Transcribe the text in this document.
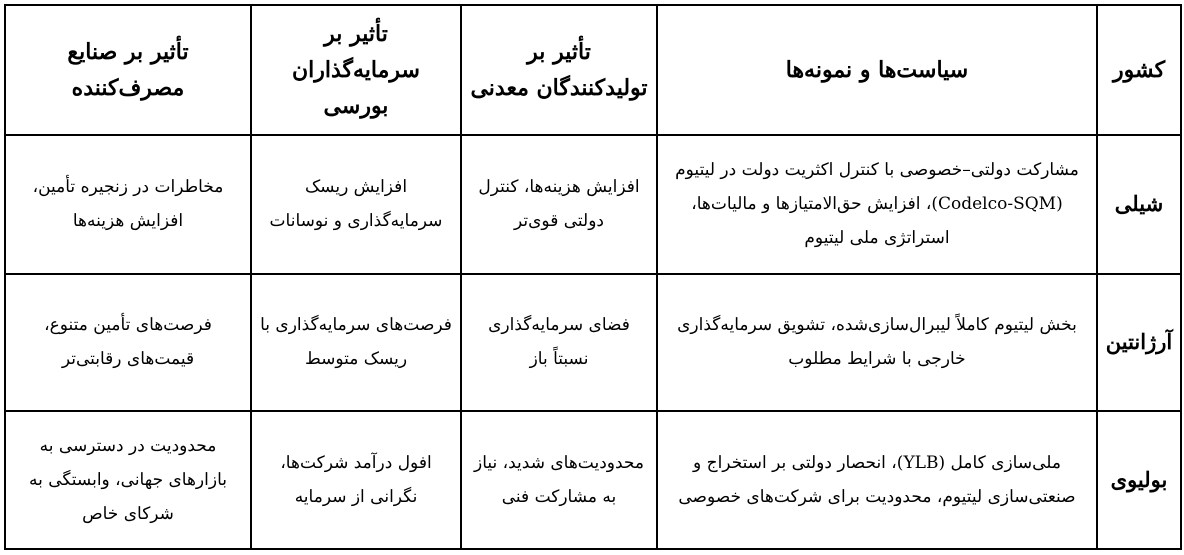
کشور	سیاست‌ها و نمونه‌ها	تأثیر بر تولیدکنندگان معدنی	تأثیر بر سرمایه‌گذاران بورسی	تأثیر بر صنایع مصرف‌کننده
شیلی	مشارکت دولتی–خصوصی با کنترل اکثریت دولت در لیتیوم (Codelco-SQM)، افزایش حق‌الامتیازها و مالیات‌ها، استراتژی ملی لیتیوم	افزایش هزینه‌ها، کنترل دولتی قوی‌تر	افزایش ریسک سرمایه‌گذاری و نوسانات	مخاطرات در زنجیره تأمین، افزایش هزینه‌ها
آرژانتین	بخش لیتیوم کاملاً لیبرال‌سازی‌شده، تشویق سرمایه‌گذاری خارجی با شرایط مطلوب	فضای سرمایه‌گذاری نسبتاً باز	فرصت‌های سرمایه‌گذاری با ریسک متوسط	فرصت‌های تأمین متنوع، قیمت‌های رقابتی‌تر
بولیوی	ملی‌سازی کامل (YLB)، انحصار دولتی بر استخراج و صنعتی‌سازی لیتیوم، محدودیت برای شرکت‌های خصوصی	محدودیت‌های شدید، نیاز به مشارکت فنی	افول درآمد شرکت‌ها، نگرانی از سرمایه	محدودیت در دسترسی به بازارهای جهانی، وابستگی به شرکای خاص
